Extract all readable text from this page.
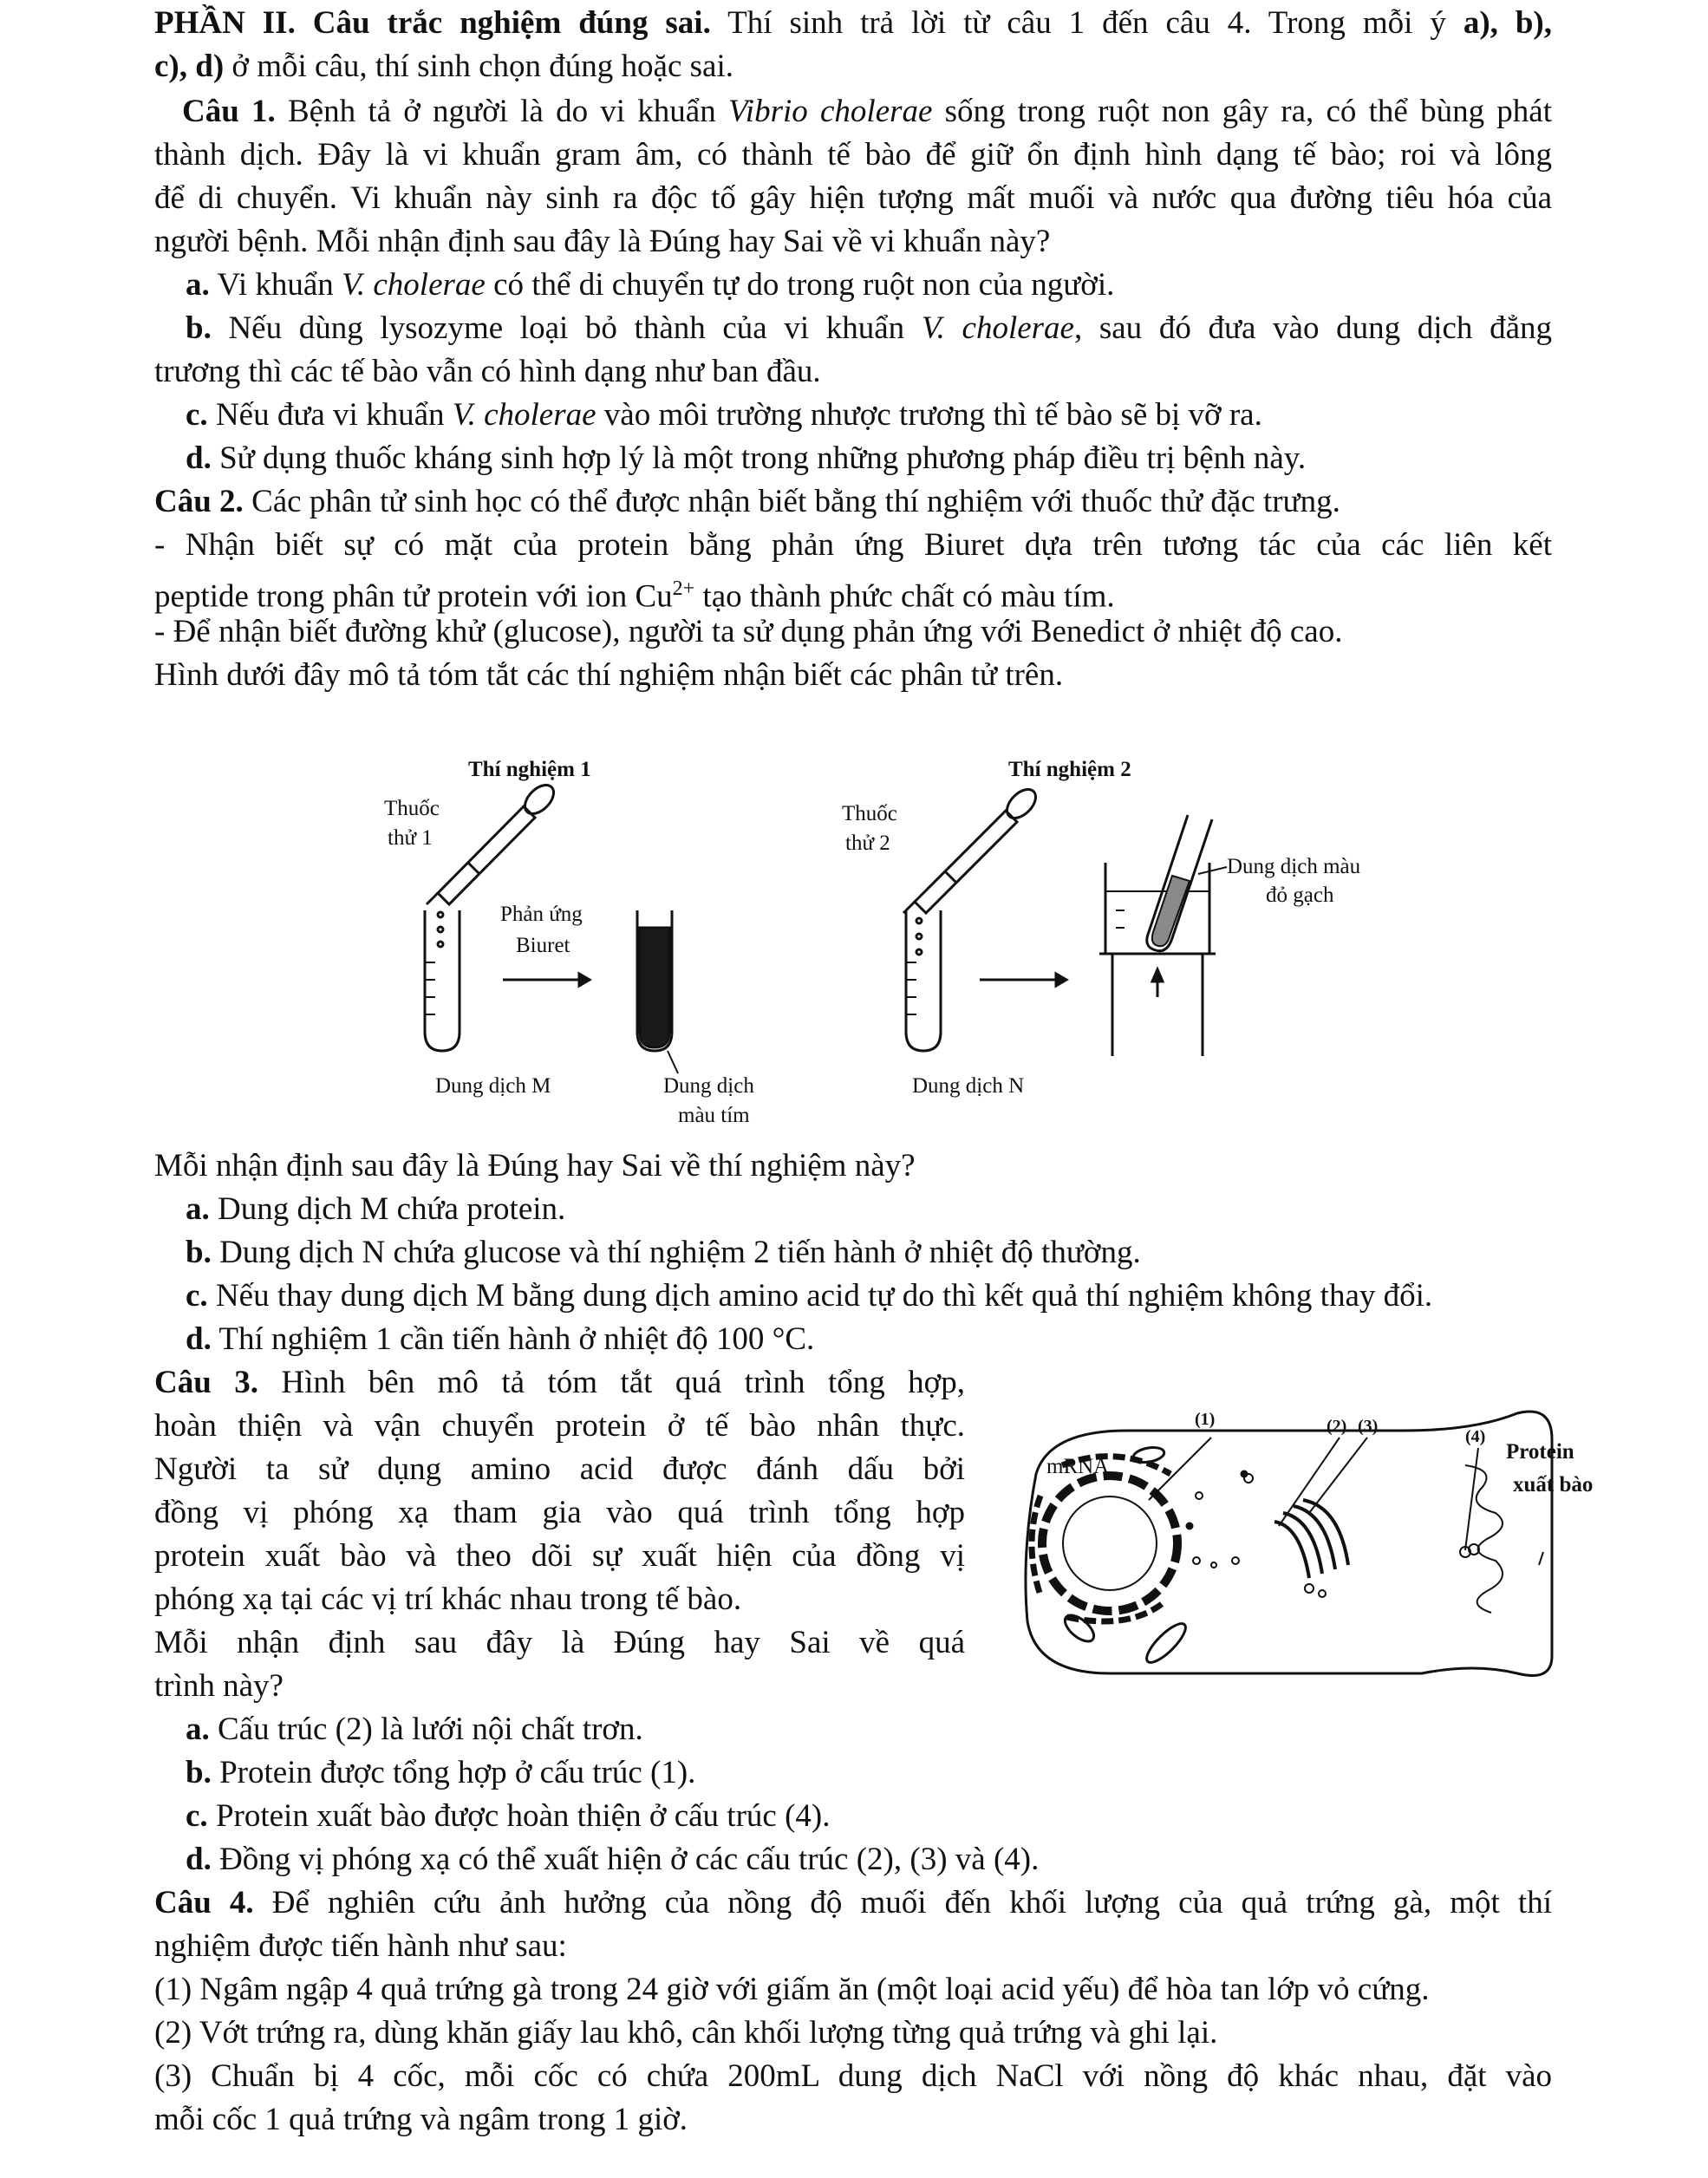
PHẦN II. Câu trắc nghiệm đúng sai. Thí sinh trả lời từ câu 1 đến câu 4. Trong mỗi ý a), b),
c), d) ở mỗi câu, thí sinh chọn đúng hoặc sai.
Câu 1. Bệnh tả ở người là do vi khuẩn Vibrio cholerae sống trong ruột non gây ra, có thể bùng phát
thành dịch. Đây là vi khuẩn gram âm, có thành tế bào để giữ ổn định hình dạng tế bào; roi và lông
để di chuyển. Vi khuẩn này sinh ra độc tố gây hiện tượng mất muối và nước qua đường tiêu hóa của
người bệnh. Mỗi nhận định sau đây là Đúng hay Sai về vi khuẩn này?
a. Vi khuẩn V. cholerae có thể di chuyển tự do trong ruột non của người.
b. Nếu dùng lysozyme loại bỏ thành của vi khuẩn V. cholerae, sau đó đưa vào dung dịch đẳng
trương thì các tế bào vẫn có hình dạng như ban đầu.
c. Nếu đưa vi khuẩn V. cholerae vào môi trường nhược trương thì tế bào sẽ bị vỡ ra.
d. Sử dụng thuốc kháng sinh hợp lý là một trong những phương pháp điều trị bệnh này.
Câu 2. Các phân tử sinh học có thể được nhận biết bằng thí nghiệm với thuốc thử đặc trưng.
- Nhận biết sự có mặt của protein bằng phản ứng Biuret dựa trên tương tác của các liên kết
peptide trong phân tử protein với ion $Cu^{2+}$ tạo thành phức chất có màu tím.
- Để nhận biết đường khử (glucose), người ta sử dụng phản ứng với Benedict ở nhiệt độ cao.
Hình dưới đây mô tả tóm tắt các thí nghiệm nhận biết các phân tử trên.
Thí nghiệm 1
Thuốc
thử 1
Phản ứng
Biuret
Dung dịch M	Dung dịch
màu tím
Thí nghiệm 2
Thuốc
thử 2
Dung dịch màu
đỏ gạch
Dung dịch N
Mỗi nhận định sau đây là Đúng hay Sai về thí nghiệm này?
a. Dung dịch M chứa protein.
b. Dung dịch N chứa glucose và thí nghiệm 2 tiến hành ở nhiệt độ thường.
c. Nếu thay dung dịch M bằng dung dịch amino acid tự do thì kết quả thí nghiệm không thay đổi.
d. Thí nghiệm 1 cần tiến hành ở nhiệt độ 100 °C.
Câu 3. Hình bên mô tả tóm tắt quá trình tổng hợp,
hoàn thiện và vận chuyển protein ở tế bào nhân thực.
Người ta sử dụng amino acid được đánh dấu bởi
đồng vị phóng xạ tham gia vào quá trình tổng hợp
protein xuất bào và theo dõi sự xuất hiện của đồng vị
phóng xạ tại các vị trí khác nhau trong tế bào.
Mỗi nhận định sau đây là Đúng hay Sai về quá
trình này?
(1)	(2) (3)
(4)
mRNA
Protein
xuất bào
a. Cấu trúc (2) là lưới nội chất trơn.
b. Protein được tổng hợp ở cấu trúc (1).
c. Protein xuất bào được hoàn thiện ở cấu trúc (4).
d. Đồng vị phóng xạ có thể xuất hiện ở các cấu trúc (2), (3) và (4).
Câu 4. Để nghiên cứu ảnh hưởng của nồng độ muối đến khối lượng của quả trứng gà, một thí
nghiệm được tiến hành như sau:
(1) Ngâm ngập 4 quả trứng gà trong 24 giờ với giấm ăn (một loại acid yếu) để hòa tan lớp vỏ cứng.
(2) Vớt trứng ra, dùng khăn giấy lau khô, cân khối lượng từng quả trứng và ghi lại.
(3) Chuẩn bị 4 cốc, mỗi cốc có chứa 200mL dung dịch NaCl với nồng độ khác nhau, đặt vào
mỗi cốc 1 quả trứng và ngâm trong 1 giờ.
